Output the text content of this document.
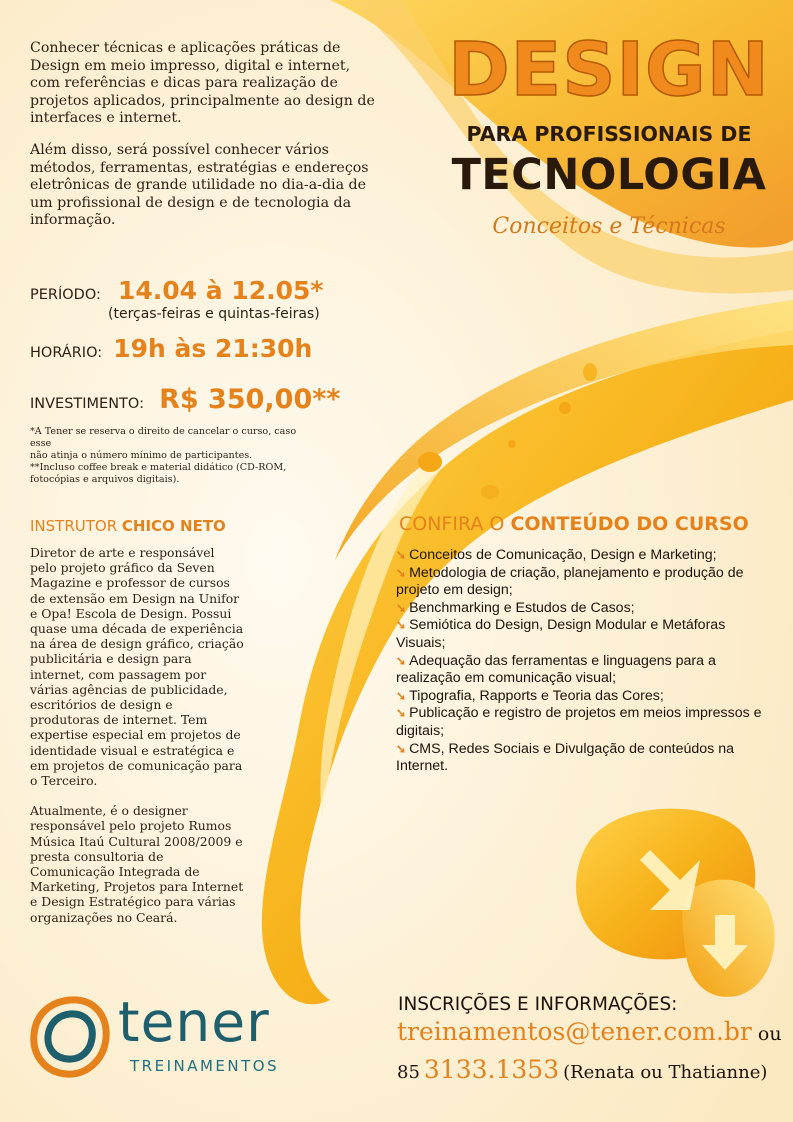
Conhecer técnicas e aplicações práticas de Design em meio impresso, digital e internet, com referências e dicas para realização de projetos aplicados, principalmente ao design de interfaces e internet.

Além disso, será possível conhecer vários métodos, ferramentas, estratégias e endereços eletrônicas de grande utilidade no dia-a-dia de um profissional de design e de tecnologia da informação.

DESIGN
PARA PROFISSIONAIS DE
TECNOLOGIA
Conceitos e Técnicas
PERÍODO: 14.04 à 12.05*
(terças-feiras e quintas-feiras)
HORÁRIO: 19h às 21:30h
INVESTIMENTO: R$ 350,00**
*A Tener se reserva o direito de cancelar o curso, caso esse
não atinja o número mínimo de participantes.
**Incluso coffee break e material didático (CD-ROM,
fotocópias e arquivos digitais).
INSTRUTOR CHICO NETO

Diretor de arte e responsável pelo projeto gráfico da Seven Magazine e professor de cursos de extensão em Design na Unifor e Opa! Escola de Design. Possui quase uma década de experiência na área de design gráfico, criação publicitária e design para internet, com passagem por várias agências de publicidade, escritórios de design e produtoras de internet. Tem expertise especial em projetos de identidade visual e estratégica e em projetos de comunicação para o Terceiro.

Atualmente, é o designer responsável pelo projeto Rumos Música Itaú Cultural 2008/2009 e presta consultoria de Comunicação Integrada de Marketing, Projetos para Internet e Design Estratégico para várias organizações no Ceará.

CONFIRA O CONTEÚDO DO CURSO
➘ Conceitos de Comunicação, Design e Marketing;
➘ Metodologia de criação, planejamento e produção de projeto em design;
➘ Benchmarking e Estudos de Casos;
➘ Semiótica do Design, Design Modular e Metáforas Visuais;
➘ Adequação das ferramentas e linguagens para a realização em comunicação visual;
➘ Tipografia, Rapports e Teoria das Cores;
➘ Publicação e registro de projetos em meios impressos e digitais;
➘ CMS, Redes Sociais e Divulgação de conteúdos na Internet.
INSCRIÇÕES E INFORMAÇÕES:
treinamentos@tener.com.br ou
85 3133.1353 (Renata ou Thatianne)
tener
TREINAMENTOS
